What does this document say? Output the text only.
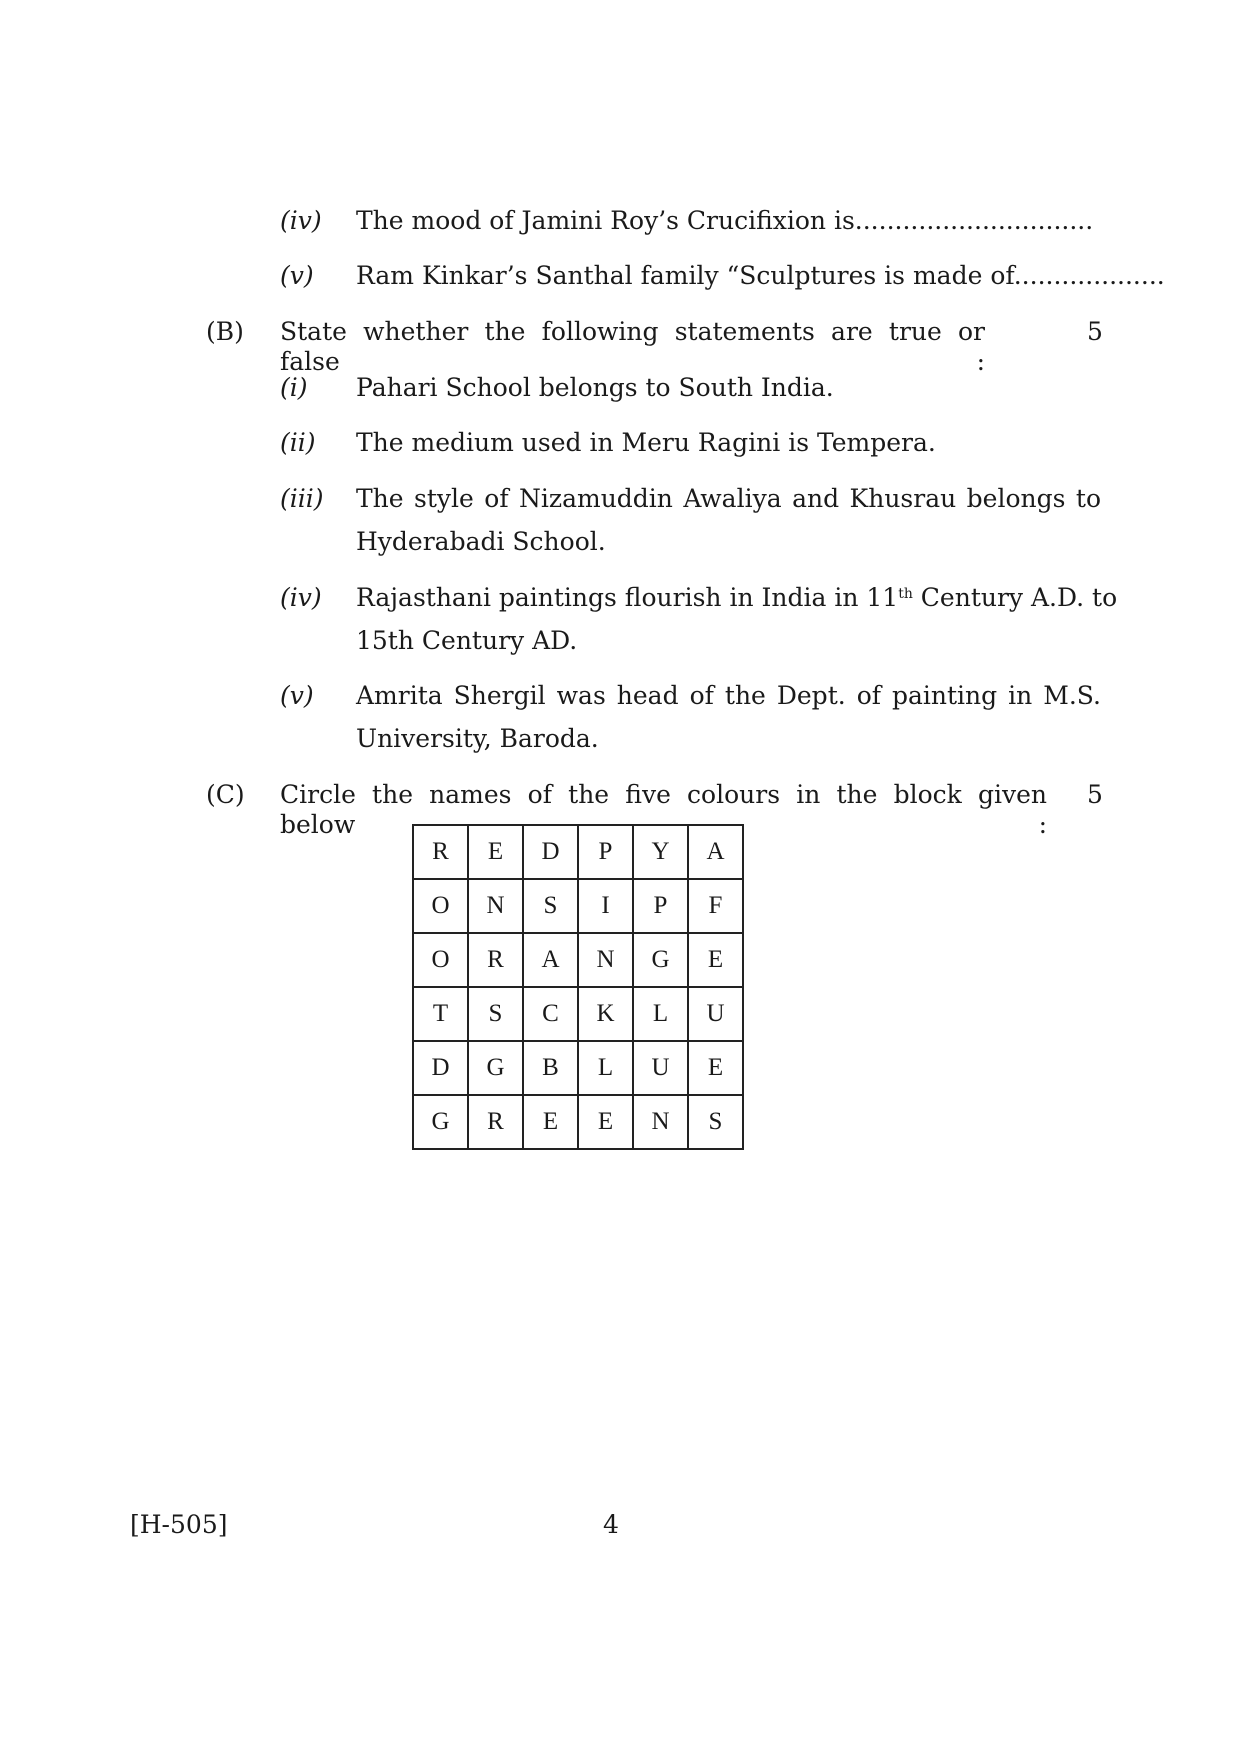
(iv) The mood of Jamini Roy’s Crucifixion is..............................
(v) Ram Kinkar’s Santhal family “Sculptures is made of...................
(B) State whether the following statements are true or false :
5
(i) Pahari School belongs to South India.
(ii) The medium used in Meru Ragini is Tempera.
(iii) The style of Nizamuddin Awaliya and Khusrau belongs to
Hyderabadi School.
(iv) Rajasthani paintings flourish in India in 11th Century A.D. to
15th Century AD.
(v) Amrita Shergil was head of the Dept. of painting in M.S.
University, Baroda.
(C) Circle the names of the five colours in the block given below :
5
R	E	D	P	Y	A
O	N	S	I	P	F
O	R	A	N	G	E
T	S	C	K	L	U
D	G	B	L	U	E
G	R	E	E	N	S
[H-505]	4
